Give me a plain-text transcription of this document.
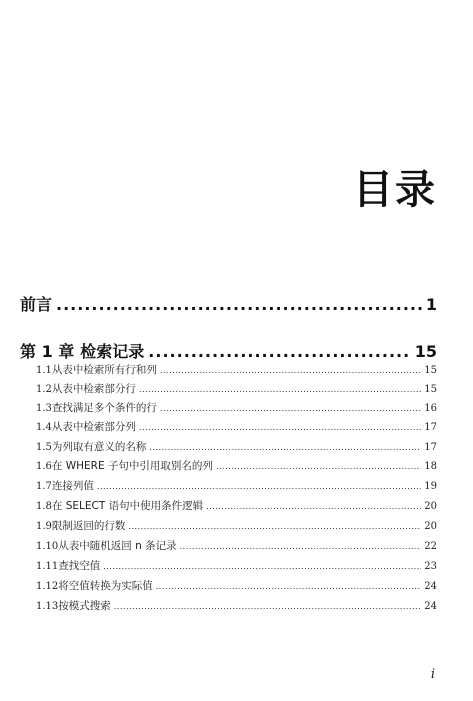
目录
前言 .....	1
第 1 章 检索记录 .....	15
1.1 从表中检索所有行和列 .....	15
1.2 从表中检索部分行 .....	15
1.3 查找满足多个条件的行 .....	16
1.4 从表中检索部分列 .....	17
1.5 为列取有意义的名称 .....	17
1.6 在 WHERE 子句中引用取别名的列 .....	18
1.7 连接列值 .....	19
1.8 在 SELECT 语句中使用条件逻辑 .....	20
1.9 限制返回的行数 .....	20
1.10 从表中随机返回 n 条记录 .....	22
1.11 查找空值 .....	23
1.12 将空值转换为实际值 .....	24
1.13 按模式搜索 .....	24
i
